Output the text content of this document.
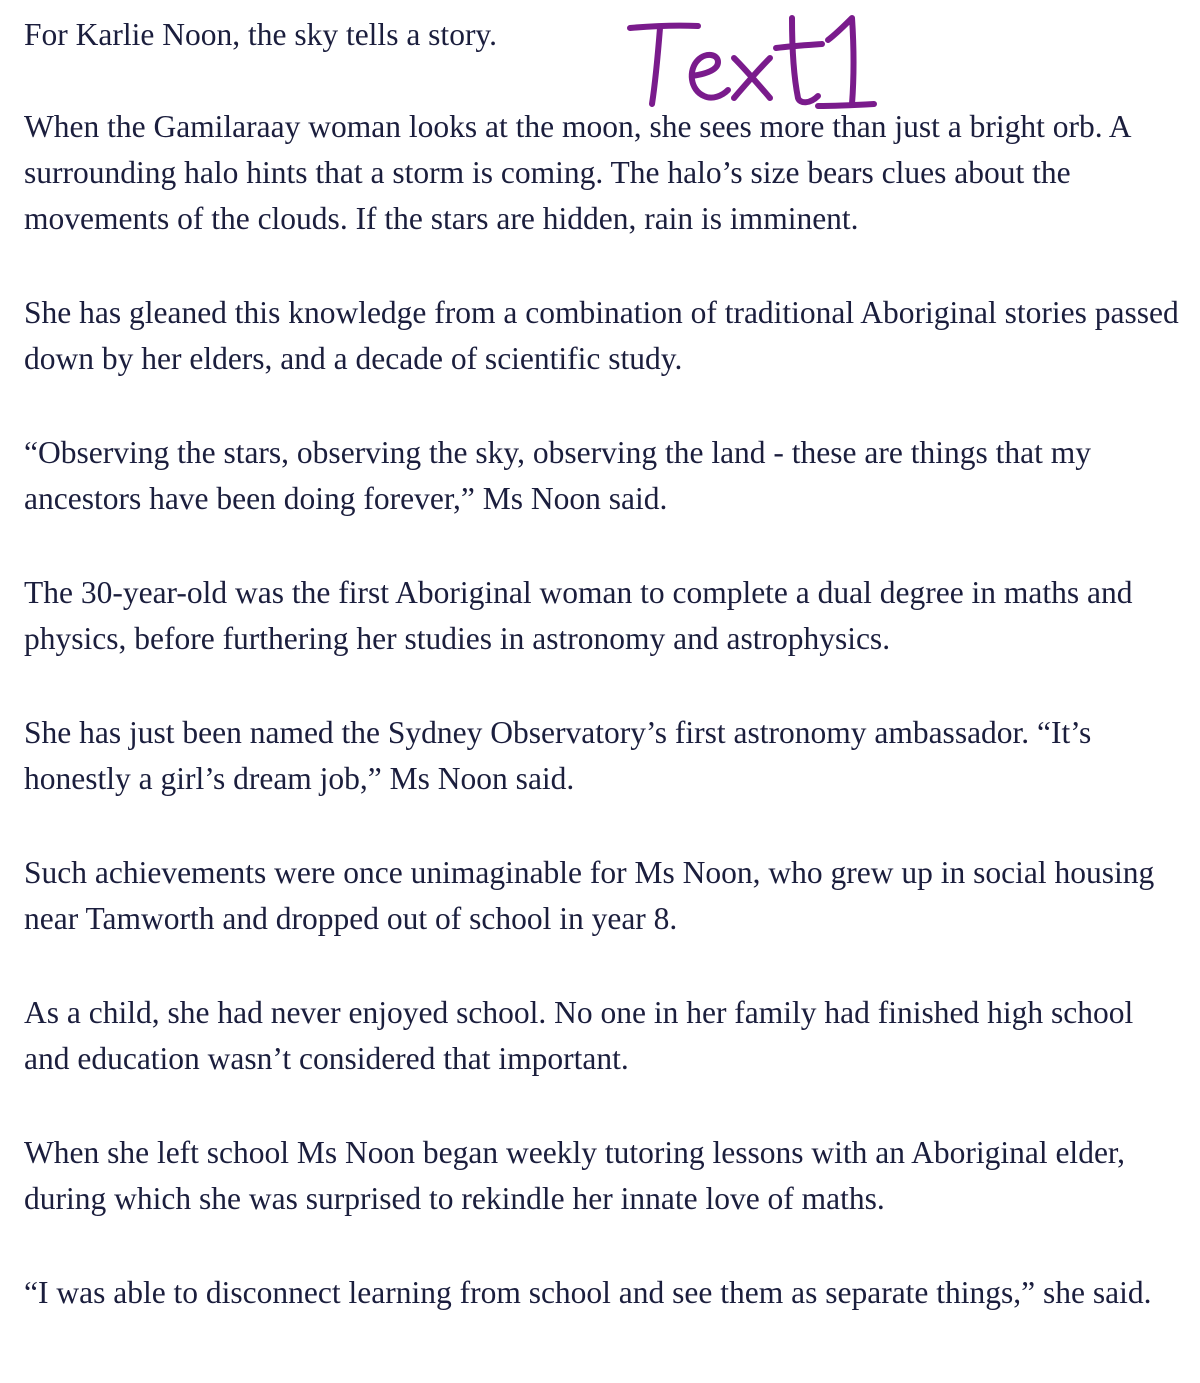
For Karlie Noon, the sky tells a story.

When the Gamilaraay woman looks at the moon, she sees more than just a bright orb. A surrounding halo hints that a storm is coming. The halo’s size bears clues about the movements of the clouds. If the stars are hidden, rain is imminent.

She has gleaned this knowledge from a combination of traditional Aboriginal stories passed down by her elders, and a decade of scientific study.

“Observing the stars, observing the sky, observing the land - these are things that my ancestors have been doing forever,” Ms Noon said.

The 30-year-old was the first Aboriginal woman to complete a dual degree in maths and physics, before furthering her studies in astronomy and astrophysics.

She has just been named the Sydney Observatory’s first astronomy ambassador. “It’s honestly a girl’s dream job,” Ms Noon said.

Such achievements were once unimaginable for Ms Noon, who grew up in social housing near Tamworth and dropped out of school in year 8.

As a child, she had never enjoyed school. No one in her family had finished high school and education wasn’t considered that important.

When she left school Ms Noon began weekly tutoring lessons with an Aboriginal elder, during which she was surprised to rekindle her innate love of maths.

“I was able to disconnect learning from school and see them as separate things,” she said.
